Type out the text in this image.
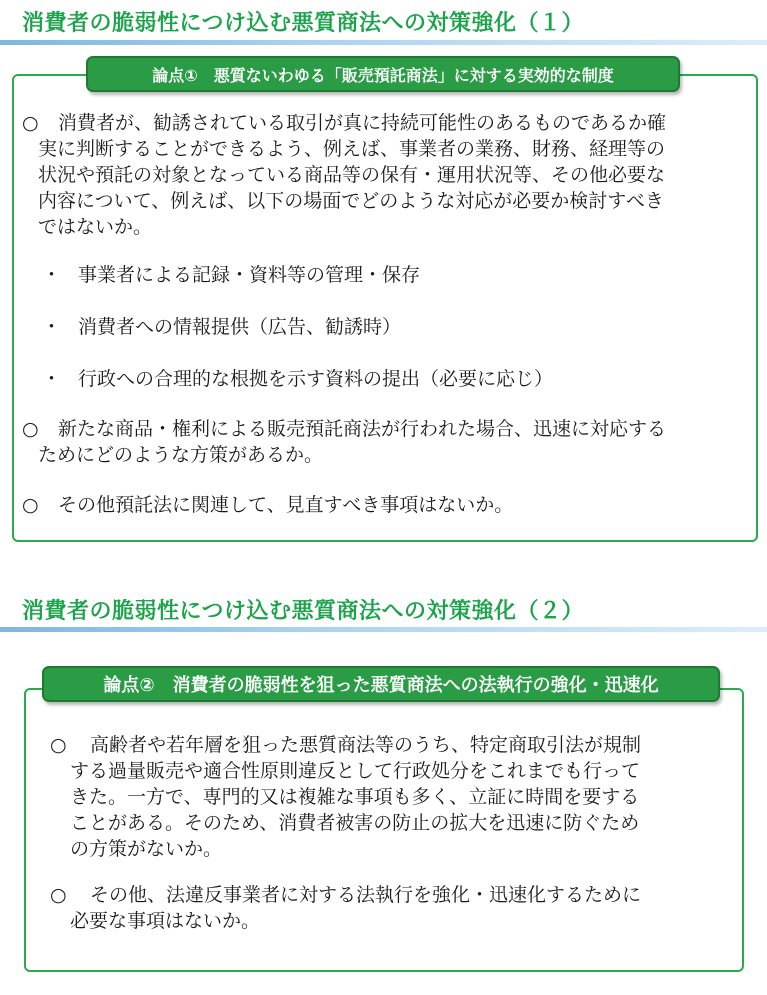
消費者の脆弱性につけ込む悪質商法への対策強化（１）
論点①　悪質ないわゆる「販売預託商法」に対する実効的な制度
○ 消費者が、勧誘されている取引が真に持続可能性のあるものであるか確
実に判断することができるよう、例えば、事業者の業務、財務、経理等の
状況や預託の対象となっている商品等の保有・運用状況等、その他必要な
内容について、例えば、以下の場面でどのような対応が必要か検討すべき
ではないか。
・ 事業者による記録・資料等の管理・保存
・ 消費者への情報提供（広告、勧誘時）
・ 行政への合理的な根拠を示す資料の提出（必要に応じ）
○ 新たな商品・権利による販売預託商法が行われた場合、迅速に対応する
ためにどのような方策があるか。
○ その他預託法に関連して、見直すべき事項はないか。
消費者の脆弱性につけ込む悪質商法への対策強化（２）
論点②　消費者の脆弱性を狙った悪質商法への法執行の強化・迅速化
○ 高齢者や若年層を狙った悪質商法等のうち、特定商取引法が規制
する過量販売や適合性原則違反として行政処分をこれまでも行って
きた。一方で、専門的又は複雑な事項も多く、立証に時間を要する
ことがある。そのため、消費者被害の防止の拡大を迅速に防ぐため
の方策がないか。
○ その他、法違反事業者に対する法執行を強化・迅速化するために
必要な事項はないか。
